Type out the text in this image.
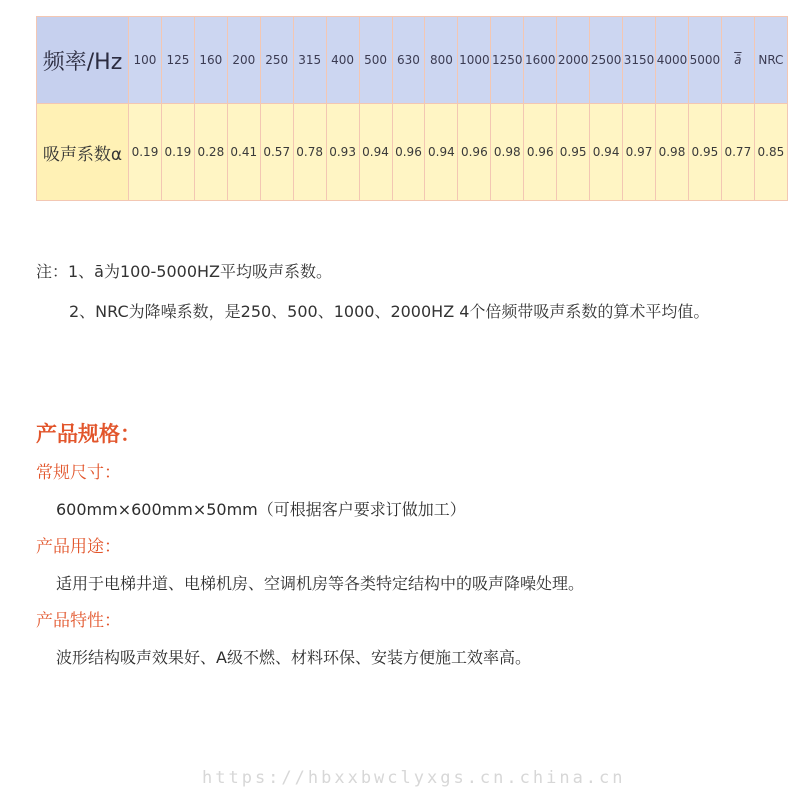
频率/Hz	100	125	160	200	250	315	400	500	630	800	1000	1250	1600	2000	2500	3150	4000	5000	$\overline{ā}$	NRC
吸声系数α	0.19	0.19	0.28	0.41	0.57	0.78	0.93	0.94	0.96	0.94	0.96	0.98	0.96	0.95	0.94	0.97	0.98	0.95	0.77	0.85
注：1、ā为100-5000HZ平均吸声系数。
2、NRC为降噪系数，是250、500、1000、2000HZ 4个倍频带吸声系数的算术平均值。
产品规格：
常规尺寸：
600mm×600mm×50mm（可根据客户要求订做加工）
产品用途：
适用于电梯井道、电梯机房、空调机房等各类特定结构中的吸声降噪处理。
产品特性：
波形结构吸声效果好、A级不燃、材料环保、安装方便施工效率高。
https://hbxxbwclyxgs.cn.china.cn
